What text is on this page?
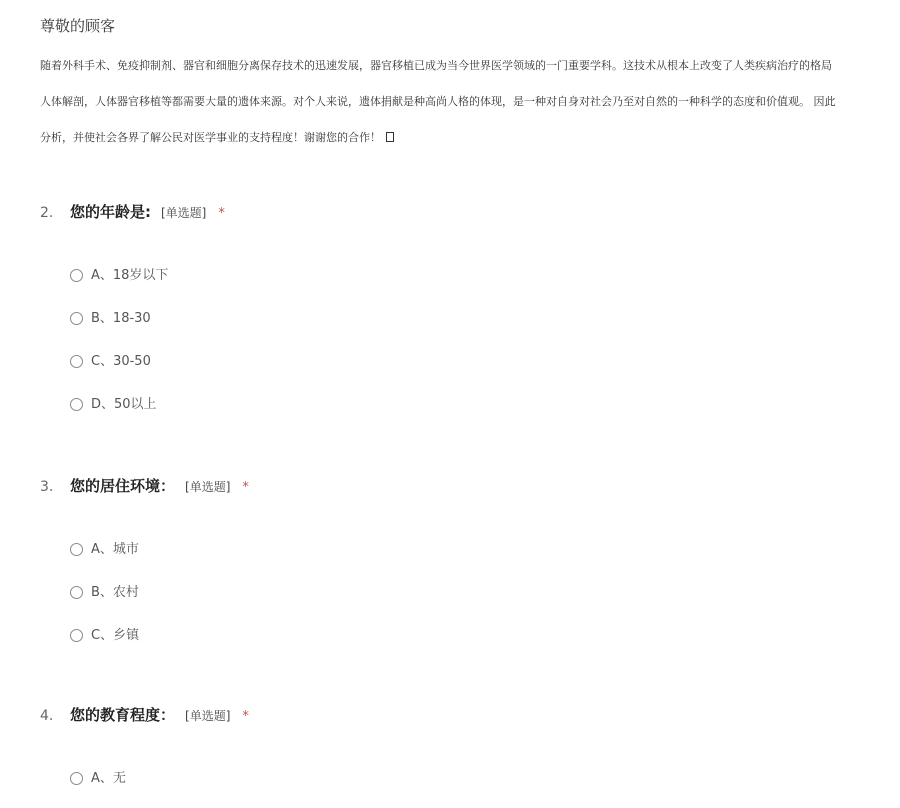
尊敬的顾客
随着外科手术、免疫抑制剂、器官和细胞分离保存技术的迅速发展，器官移植已成为当今世界医学领域的一门重要学科。这技术从根本上改变了人类疾病治疗的格局
人体解剖，人体器官移植等都需要大量的遗体来源。对个人来说，遗体捐献是种高尚人格的体现，是一种对自身对社会乃至对自然的一种科学的态度和价值观。 因此
分析，并使社会各界了解公民对医学事业的支持程度！谢谢您的合作！
2. 您的年龄是: [单选题] *
A、18岁以下
B、18-30
C、30-50
D、50以上
3. 您的居住环境： [单选题] *
A、城市
B、农村
C、乡镇
4. 您的教育程度： [单选题] *
A、无
